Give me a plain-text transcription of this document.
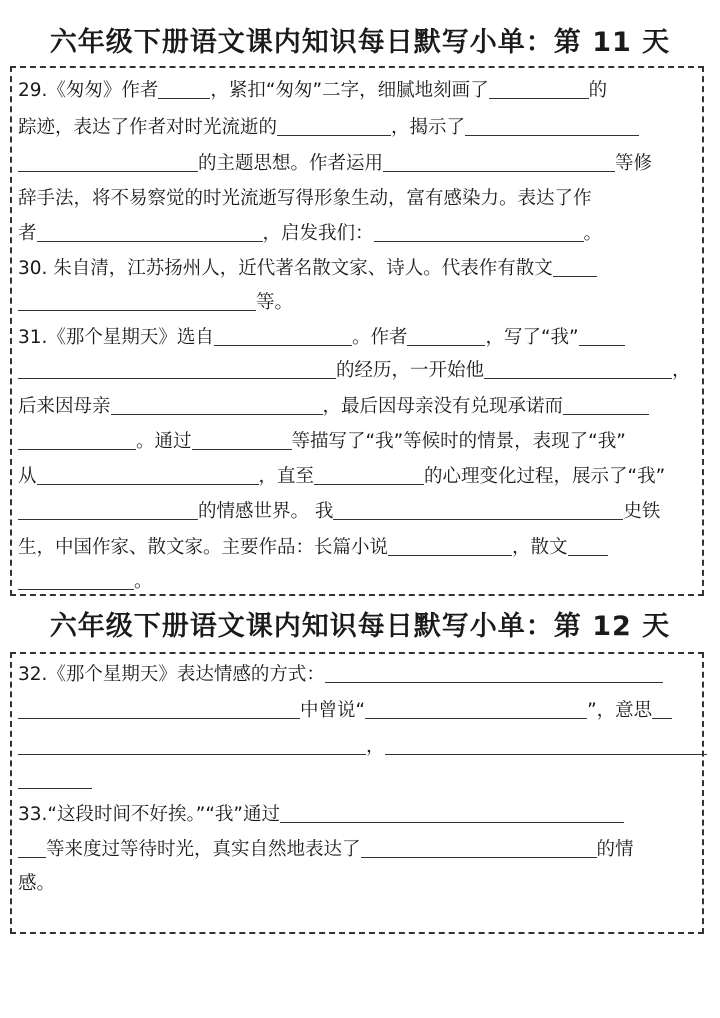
六年级下册语文课内知识每日默写小单：第 11 天
29.《匆匆》作者	，紧扣“匆匆”二字，细腻地刻画了	的
踪迹，表达了作者对时光流逝的	，揭示了
的主题思想。作者运用	等修
辞手法，将不易察觉的时光流逝写得形象生动，富有感染力。表达了作
者	，启发我们：	。
30. 朱自清，江苏扬州人，近代著名散文家、诗人。代表作有散文
等。
31.《那个星期天》选自	。作者	，写了“我”
的经历，一开始他	，
后来因母亲	，最后因母亲没有兑现承诺而
。通过	等描写了“我”等候时的情景，表现了“我”
从	，直至	的心理变化过程，展示了“我”
的情感世界。 我	史铁
生，中国作家、散文家。主要作品：长篇小说	，散文
。
六年级下册语文课内知识每日默写小单：第 12 天
32.《那个星期天》表达情感的方式：
中曾说“	”，意思
，
33.“这段时间不好挨。”“我”通过
等来度过等待时光，真实自然地表达了	的情
感。
